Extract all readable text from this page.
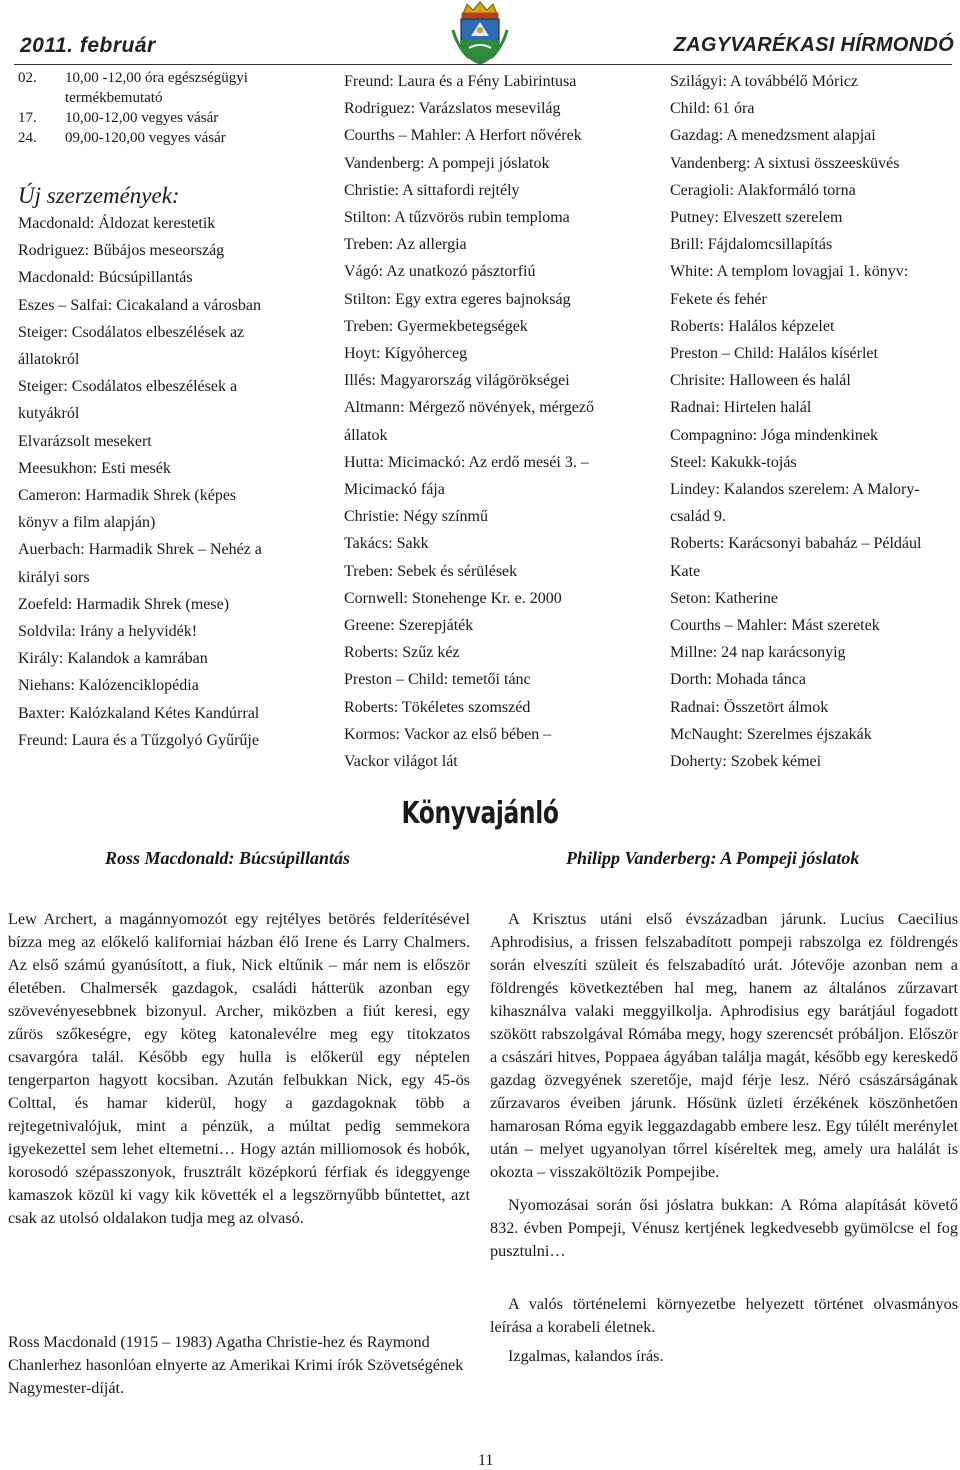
2011. február	ZAGYVARÉKASI HÍRMONDÓ
02.	10,00 -12,00 óra egészségügyi
termékbemutató
17.	10,00-12,00 vegyes vásár
24.	09,00-120,00 vegyes vásár
Új szerzemények:
Macdonald: Áldozat kerestetik
Rodriguez: Bűbájos meseország
Macdonald: Búcsúpillantás
Eszes – Salfai: Cicakaland a városban
Steiger: Csodálatos elbeszélések az
állatokról
Steiger: Csodálatos elbeszélések a
kutyákról
Elvarázsolt mesekert
Meesukhon: Esti mesék
Cameron: Harmadik Shrek (képes
könyv a film alapján)
Auerbach: Harmadik Shrek – Nehéz a
királyi sors
Zoefeld: Harmadik Shrek (mese)
Soldvila: Irány a helyvidék!
Király: Kalandok a kamrában
Niehans: Kalózenciklopédia
Baxter: Kalózkaland Kétes Kandúrral
Freund: Laura és a Tűzgolyó Gyűrűje
Freund: Laura és a Fény Labirintusa
Rodriguez: Varázslatos mesevilág
Courths – Mahler: A Herfort nővérek
Vandenberg: A pompeji jóslatok
Christie: A sittafordi rejtély
Stilton: A tűzvörös rubin temploma
Treben: Az allergia
Vágó: Az unatkozó pásztorfiú
Stilton: Egy extra egeres bajnokság
Treben: Gyermekbetegségek
Hoyt: Kígyóherceg
Illés: Magyarország világörökségei
Altmann: Mérgező növények, mérgező
állatok
Hutta: Micimackó: Az erdő meséi 3. –
Micimackó fája
Christie: Négy színmű
Takács: Sakk
Treben: Sebek és sérülések
Cornwell: Stonehenge Kr. e. 2000
Greene: Szerepjáték
Roberts: Szűz kéz
Preston – Child: temetői tánc
Roberts: Tökéletes szomszéd
Kormos: Vackor az első bében –
Vackor világot lát
Szilágyi: A továbbélő Móricz
Child: 61 óra
Gazdag: A menedzsment alapjai
Vandenberg: A sixtusi összeesküvés
Ceragioli: Alakformáló torna
Putney: Elveszett szerelem
Brill: Fájdalomcsillapítás
White: A templom lovagjai 1. könyv:
Fekete és fehér
Roberts: Halálos képzelet
Preston – Child: Halálos kísérlet
Chrisite: Halloween és halál
Radnai: Hirtelen halál
Compagnino: Jóga mindenkinek
Steel: Kakukk-tojás
Lindey: Kalandos szerelem: A Malory-
család 9.
Roberts: Karácsonyi babaház – Például
Kate
Seton: Katherine
Courths – Mahler: Mást szeretek
Millne: 24 nap karácsonyig
Dorth: Mohada tánca
Radnai: Összetört álmok
McNaught: Szerelmes éjszakák
Doherty: Szobek kémei
Könyvajánló
Ross Macdonald: Búcsúpillantás	Philipp Vanderberg: A Pompeji jóslatok
Lew Archert, a magánnyomozót egy rejtélyes betörés felderítésével bízza meg az előkelő kaliforniai házban élő Irene és Larry Chalmers. Az első számú gyanúsított, a fiuk, Nick eltűnik – már nem is először életében. Chalmersék gazdagok, családi hátterük azonban egy szövevényesebbnek bizonyul. Archer, miközben a fiút keresi, egy zűrös szőkeségre, egy köteg katonalevélre meg egy titokzatos csavargóra talál. Később egy hulla is előkerül egy néptelen tengerparton hagyott kocsiban. Azután felbukkan Nick, egy 45-ös Colttal, és hamar kiderül, hogy a gazdagoknak több a rejtegetnivalójuk, mint a pénzük, a múltat pedig semmekora igyekezettel sem lehet eltemetni… Hogy aztán milliomosok és hobók, korosodó szépasszonyok, frusztrált középkorú férfiak és ideggyenge kamaszok közül ki vagy kik követték el a legszörnyűbb bűntettet, azt csak az utolsó oldalakon tudja meg az olvasó.
Ross Macdonald (1915 – 1983) Agatha Christie-hez és Raymond Chanlerhez hasonlóan elnyerte az Amerikai Krimi írók Szövetségének Nagymester-díját.

A Krisztus utáni első évszázadban járunk. Lucius Caecilius Aphrodisius, a frissen felszabadított pompeji rabszolga ez földrengés során elveszíti szüleit és felszabadító urát. Jótevője azonban nem a földrengés következtében hal meg, hanem az általános zűrzavart kihasználva valaki meggyilkolja. Aphrodisius egy barátjául fogadott szökött rabszolgával Rómába megy, hogy szerencsét próbáljon. Először a császári hitves, Poppaea ágyában találja magát, később egy kereskedő gazdag özvegyének szeretője, majd férje lesz. Néró császárságának zűrzavaros éveiben járunk. Hősünk üzleti érzékének köszönhetően hamarosan Róma egyik leggazdagabb embere lesz. Egy túlélt merénylet után – melyet ugyanolyan tőrrel kíséreltek meg, amely ura halálát is okozta – visszaköltözik Pompejibe.

Nyomozásai során ősi jóslatra bukkan: A Róma alapítását követő 832. évben Pompeji, Vénusz kertjének legkedvesebb gyümölcse el fog pusztulni…

A valós történelemi környezetbe helyezett történet olvasmányos leírása a korabeli életnek.

Izgalmas, kalandos írás.

11
